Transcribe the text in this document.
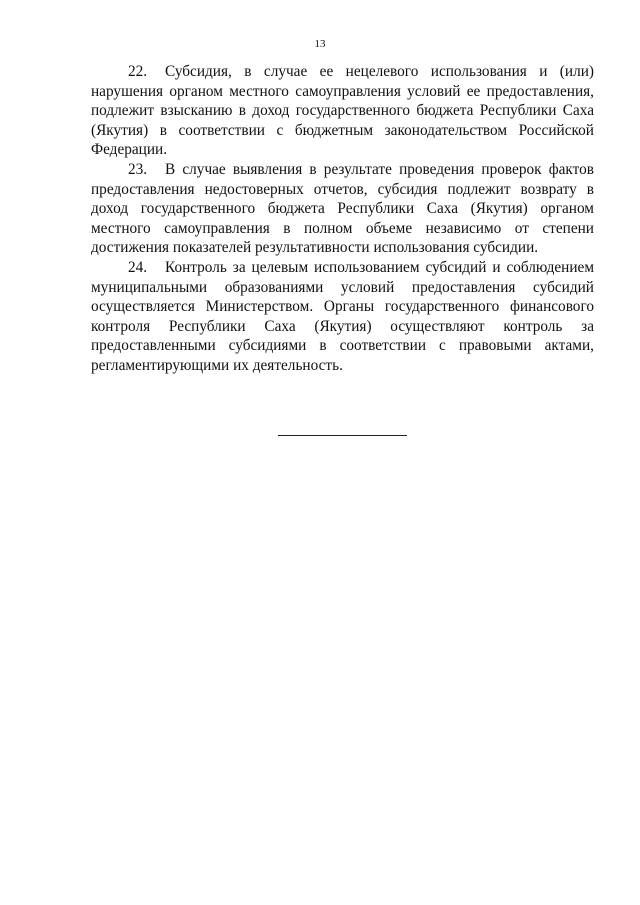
13

22. Субсидия, в случае ее нецелевого использования и (или) нарушения органом местного самоуправления условий ее предоставления, подлежит взысканию в доход государственного бюджета Республики Саха (Якутия) в соответствии с бюджетным законодательством Российской Федерации.

23. В случае выявления в результате проведения проверок фактов предоставления недостоверных отчетов, субсидия подлежит возврату в доход государственного бюджета Республики Саха (Якутия) органом местного самоуправления в полном объеме независимо от степени достижения показателей результативности использования субсидии.

24. Контроль за целевым использованием субсидий и соблюдением муниципальными образованиями условий предоставления субсидий осуществляется Министерством. Органы государственного финансового контроля Республики Саха (Якутия) осуществляют контроль за предоставленными субсидиями в соответствии с правовыми актами, регламентирующими их деятельность.
